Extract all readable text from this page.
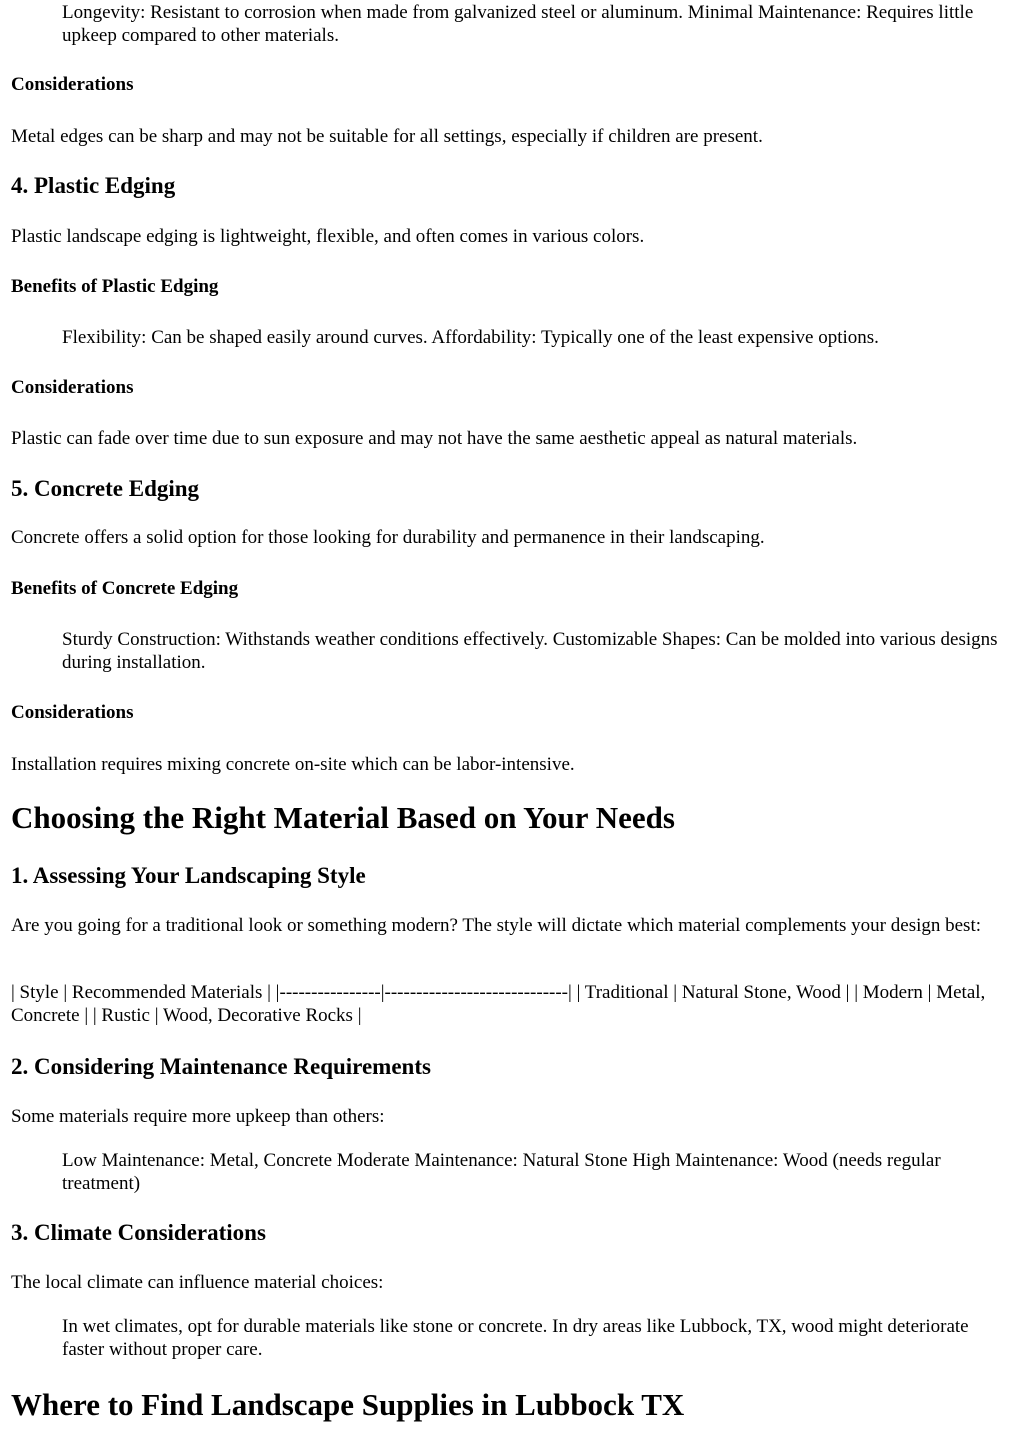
Longevity: Resistant to corrosion when made from galvanized steel or aluminum. Minimal Maintenance: Requires little upkeep compared to other materials.

Considerations

Metal edges can be sharp and may not be suitable for all settings, especially if children are present.

4. Plastic Edging

Plastic landscape edging is lightweight, flexible, and often comes in various colors.

Benefits of Plastic Edging

Flexibility: Can be shaped easily around curves. Affordability: Typically one of the least expensive options.

Considerations

Plastic can fade over time due to sun exposure and may not have the same aesthetic appeal as natural materials.

5. Concrete Edging

Concrete offers a solid option for those looking for durability and permanence in their landscaping.

Benefits of Concrete Edging

Sturdy Construction: Withstands weather conditions effectively. Customizable Shapes: Can be molded into various designs during installation.

Considerations

Installation requires mixing concrete on-site which can be labor-intensive.

Choosing the Right Material Based on Your Needs
1. Assessing Your Landscaping Style

Are you going for a traditional look or something modern? The style will dictate which material complements your design best:

| Style | Recommended Materials | |----------------|-----------------------------| | Traditional | Natural Stone, Wood | | Modern | Metal, Concrete | | Rustic | Wood, Decorative Rocks |

2. Considering Maintenance Requirements

Some materials require more upkeep than others:

Low Maintenance: Metal, Concrete Moderate Maintenance: Natural Stone High Maintenance: Wood (needs regular treatment)

3. Climate Considerations

The local climate can influence material choices:

In wet climates, opt for durable materials like stone or concrete. In dry areas like Lubbock, TX, wood might deteriorate faster without proper care.

Where to Find Landscape Supplies in Lubbock TX
